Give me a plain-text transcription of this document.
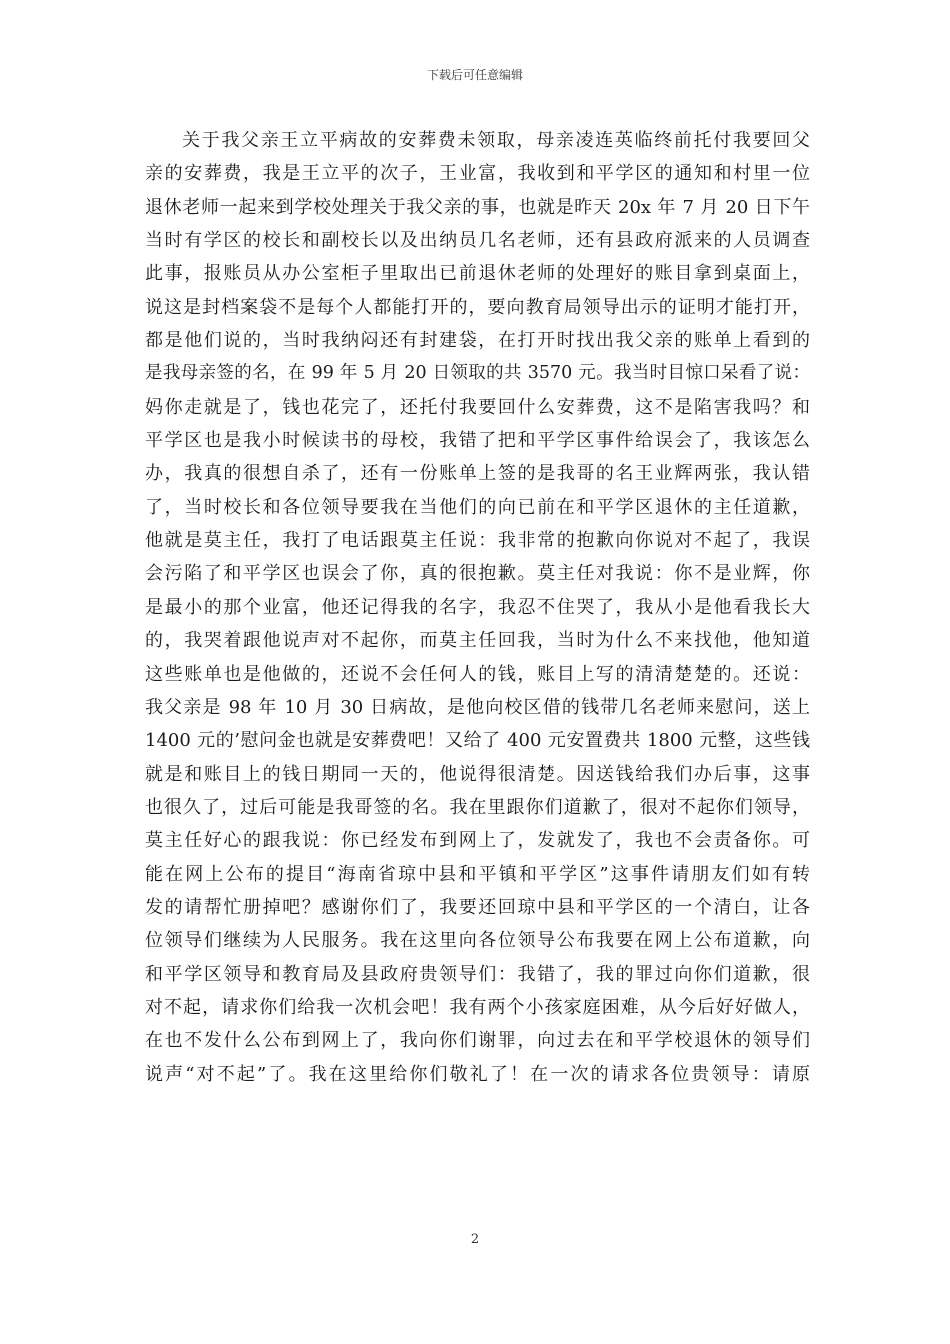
下载后可任意编辑
关于我父亲王立平病故的安葬费未领取，母亲凌连英临终前托付我要回父
亲的安葬费，我是王立平的次子，王业富，我收到和平学区的通知和村里一位
退休老师一起来到学校处理关于我父亲的事，也就是昨天 20x 年 7 月 20 日下午
当时有学区的校长和副校长以及出纳员几名老师，还有县政府派来的人员调查
此事，报账员从办公室柜子里取出已前退休老师的处理好的账目拿到桌面上，
说这是封档案袋不是每个人都能打开的，要向教育局领导出示的证明才能打开，
都是他们说的，当时我纳闷还有封建袋，在打开时找出我父亲的账单上看到的
是我母亲签的名，在 99 年 5 月 20 日领取的共 3570 元。我当时目惊口呆看了说：
妈你走就是了，钱也花完了，还托付我要回什么安葬费，这不是陷害我吗？和
平学区也是我小时候读书的母校，我错了把和平学区事件给误会了，我该怎么
办，我真的很想自杀了，还有一份账单上签的是我哥的名王业辉两张，我认错
了，当时校长和各位领导要我在当他们的向已前在和平学区退休的主任道歉，
他就是莫主任，我打了电话跟莫主任说：我非常的抱歉向你说对不起了，我误
会污陷了和平学区也误会了你，真的很抱歉。莫主任对我说：你不是业辉，你
是最小的那个业富，他还记得我的名字，我忍不住哭了，我从小是他看我长大
的，我哭着跟他说声对不起你，而莫主任回我，当时为什么不来找他，他知道
这些账单也是他做的，还说不会任何人的钱，账目上写的清清楚楚的。还说：
我父亲是 98 年 10 月 30 日病故，是他向校区借的钱带几名老师来慰问，送上
1400 元的’慰问金也就是安葬费吧！又给了 400 元安置费共 1800 元整，这些钱
就是和账目上的钱日期同一天的，他说得很清楚。因送钱给我们办后事，这事
也很久了，过后可能是我哥签的名。我在里跟你们道歉了，很对不起你们领导，
莫主任好心的跟我说：你已经发布到网上了，发就发了，我也不会责备你。可
能在网上公布的提目“海南省琼中县和平镇和平学区”这事件请朋友们如有转
发的请帮忙册掉吧？感谢你们了，我要还回琼中县和平学区的一个清白，让各
位领导们继续为人民服务。我在这里向各位领导公布我要在网上公布道歉，向
和平学区领导和教育局及县政府贵领导们：我错了，我的罪过向你们道歉，很
对不起，请求你们给我一次机会吧！我有两个小孩家庭困难，从今后好好做人，
在也不发什么公布到网上了，我向你们谢罪，向过去在和平学校退休的领导们
说声“对不起”了。我在这里给你们敬礼了！在一次的请求各位贵领导：请原
2
